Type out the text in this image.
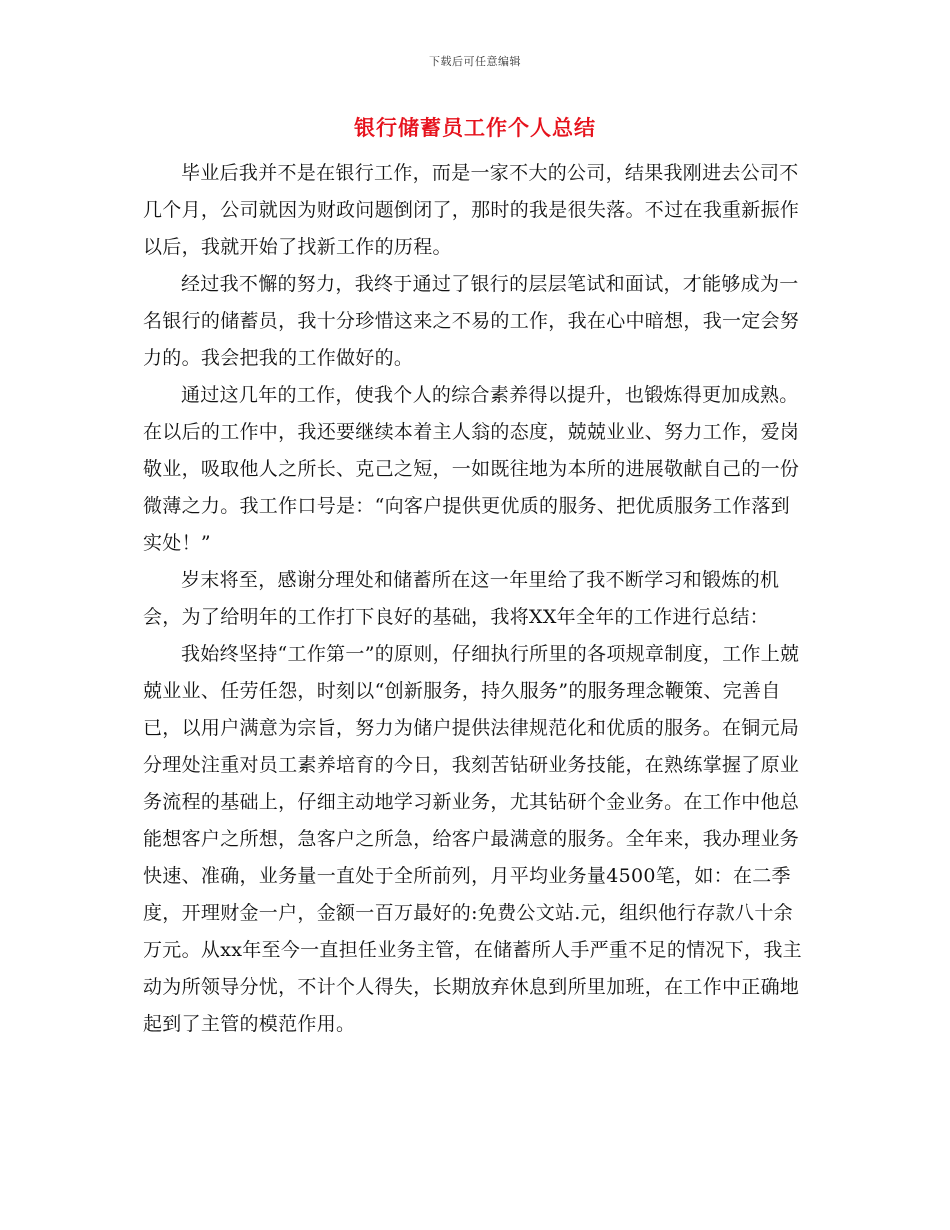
下载后可任意编辑
银行储蓄员工作个人总结

毕业后我并不是在银行工作，而是一家不大的公司，结果我刚进去公司不几个月，公司就因为财政问题倒闭了，那时的我是很失落。不过在我重新振作以后，我就开始了找新工作的历程。

经过我不懈的努力，我终于通过了银行的层层笔试和面试，才能够成为一名银行的储蓄员，我十分珍惜这来之不易的工作，我在心中暗想，我一定会努力的。我会把我的工作做好的。

通过这几年的工作，使我个人的综合素养得以提升，也锻炼得更加成熟。在以后的工作中，我还要继续本着主人翁的态度，兢兢业业、努力工作，爱岗敬业，吸取他人之所长、克己之短，一如既往地为本所的进展敬献自己的一份微薄之力。我工作口号是：“向客户提供更优质的服务、把优质服务工作落到实处！”

岁末将至，感谢分理处和储蓄所在这一年里给了我不断学习和锻炼的机会，为了给明年的工作打下良好的基础，我将XX年全年的工作进行总结：

我始终坚持“工作第一”的原则，仔细执行所里的各项规章制度，工作上兢兢业业、任劳任怨，时刻以“创新服务，持久服务”的服务理念鞭策、完善自已，以用户满意为宗旨，努力为储户提供法律规范化和优质的服务。在铜元局分理处注重对员工素养培育的今日，我刻苦钻研业务技能，在熟练掌握了原业务流程的基础上，仔细主动地学习新业务，尤其钻研个金业务。在工作中他总能想客户之所想，急客户之所急，给客户最满意的服务。全年来，我办理业务快速、准确，业务量一直处于全所前列，月平均业务量4500笔，如：在二季度，开理财金一户，金额一百万最好的:免费公文站.元，组织他行存款八十余万元。从xx年至今一直担任业务主管，在储蓄所人手严重不足的情况下，我主动为所领导分忧，不计个人得失，长期放弃休息到所里加班，在工作中正确地起到了主管的模范作用。
